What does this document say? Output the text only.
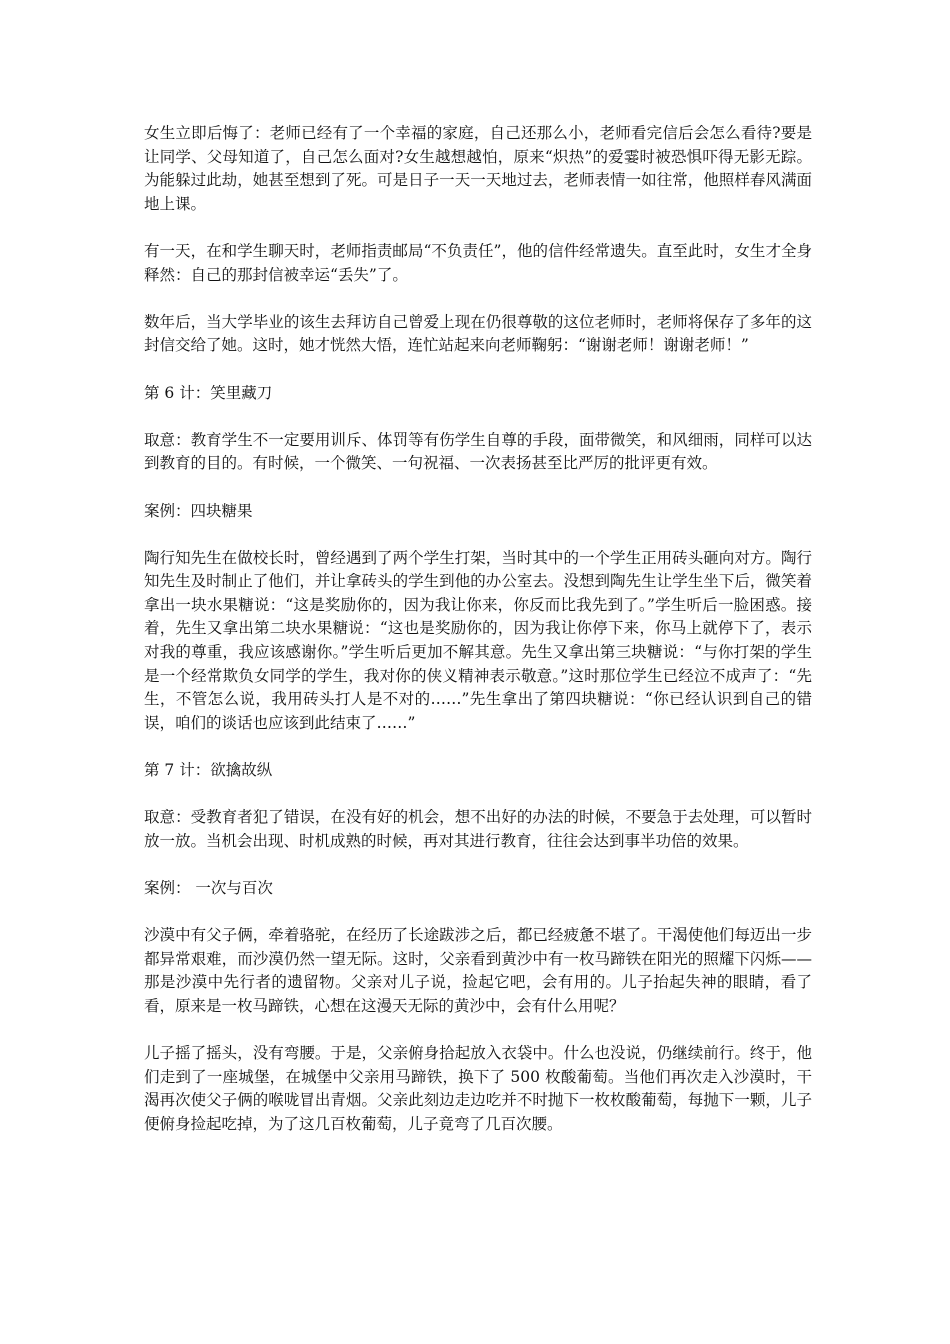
女生立即后悔了：老师已经有了一个幸福的家庭，自己还那么小，老师看完信后会怎么看待?要是让同学、父母知道了，自己怎么面对?女生越想越怕，原来“炽热”的爱霎时被恐惧吓得无影无踪。为能躲过此劫，她甚至想到了死。可是日子一天一天地过去，老师表情一如往常，他照样春风满面地上课。

有一天，在和学生聊天时，老师指责邮局“不负责任”，他的信件经常遗失。直至此时，女生才全身释然：自己的那封信被幸运“丢失”了。

数年后，当大学毕业的该生去拜访自己曾爱上现在仍很尊敬的这位老师时，老师将保存了多年的这封信交给了她。这时，她才恍然大悟，连忙站起来向老师鞠躬：“谢谢老师！谢谢老师！”

第 6 计：笑里藏刀

取意：教育学生不一定要用训斥、体罚等有伤学生自尊的手段，面带微笑，和风细雨，同样可以达到教育的目的。有时候，一个微笑、一句祝福、一次表扬甚至比严厉的批评更有效。

案例：四块糖果

陶行知先生在做校长时，曾经遇到了两个学生打架，当时其中的一个学生正用砖头砸向对方。陶行知先生及时制止了他们，并让拿砖头的学生到他的办公室去。没想到陶先生让学生坐下后，微笑着拿出一块水果糖说：“这是奖励你的，因为我让你来，你反而比我先到了。”学生听后一脸困惑。接着，先生又拿出第二块水果糖说：“这也是奖励你的，因为我让你停下来，你马上就停下了，表示对我的尊重，我应该感谢你。”学生听后更加不解其意。先生又拿出第三块糖说：“与你打架的学生是一个经常欺负女同学的学生，我对你的侠义精神表示敬意。”这时那位学生已经泣不成声了：“先生，不管怎么说，我用砖头打人是不对的……”先生拿出了第四块糖说：“你已经认识到自己的错误，咱们的谈话也应该到此结束了……”

第 7 计：欲擒故纵

取意：受教育者犯了错误，在没有好的机会，想不出好的办法的时候，不要急于去处理，可以暂时放一放。当机会出现、时机成熟的时候，再对其进行教育，往往会达到事半功倍的效果。

案例： 一次与百次

沙漠中有父子俩，牵着骆驼，在经历了长途跋涉之后，都已经疲惫不堪了。干渴使他们每迈出一步都异常艰难，而沙漠仍然一望无际。这时，父亲看到黄沙中有一枚马蹄铁在阳光的照耀下闪烁——那是沙漠中先行者的遗留物。父亲对儿子说，捡起它吧，会有用的。儿子抬起失神的眼睛，看了看，原来是一枚马蹄铁，心想在这漫天无际的黄沙中，会有什么用呢？

儿子摇了摇头，没有弯腰。于是，父亲俯身拾起放入衣袋中。什么也没说，仍继续前行。终于，他们走到了一座城堡，在城堡中父亲用马蹄铁，换下了 500 枚酸葡萄。当他们再次走入沙漠时，干渴再次使父子俩的喉咙冒出青烟。父亲此刻边走边吃并不时抛下一枚枚酸葡萄，每抛下一颗，儿子便俯身捡起吃掉，为了这几百枚葡萄，儿子竟弯了几百次腰。
